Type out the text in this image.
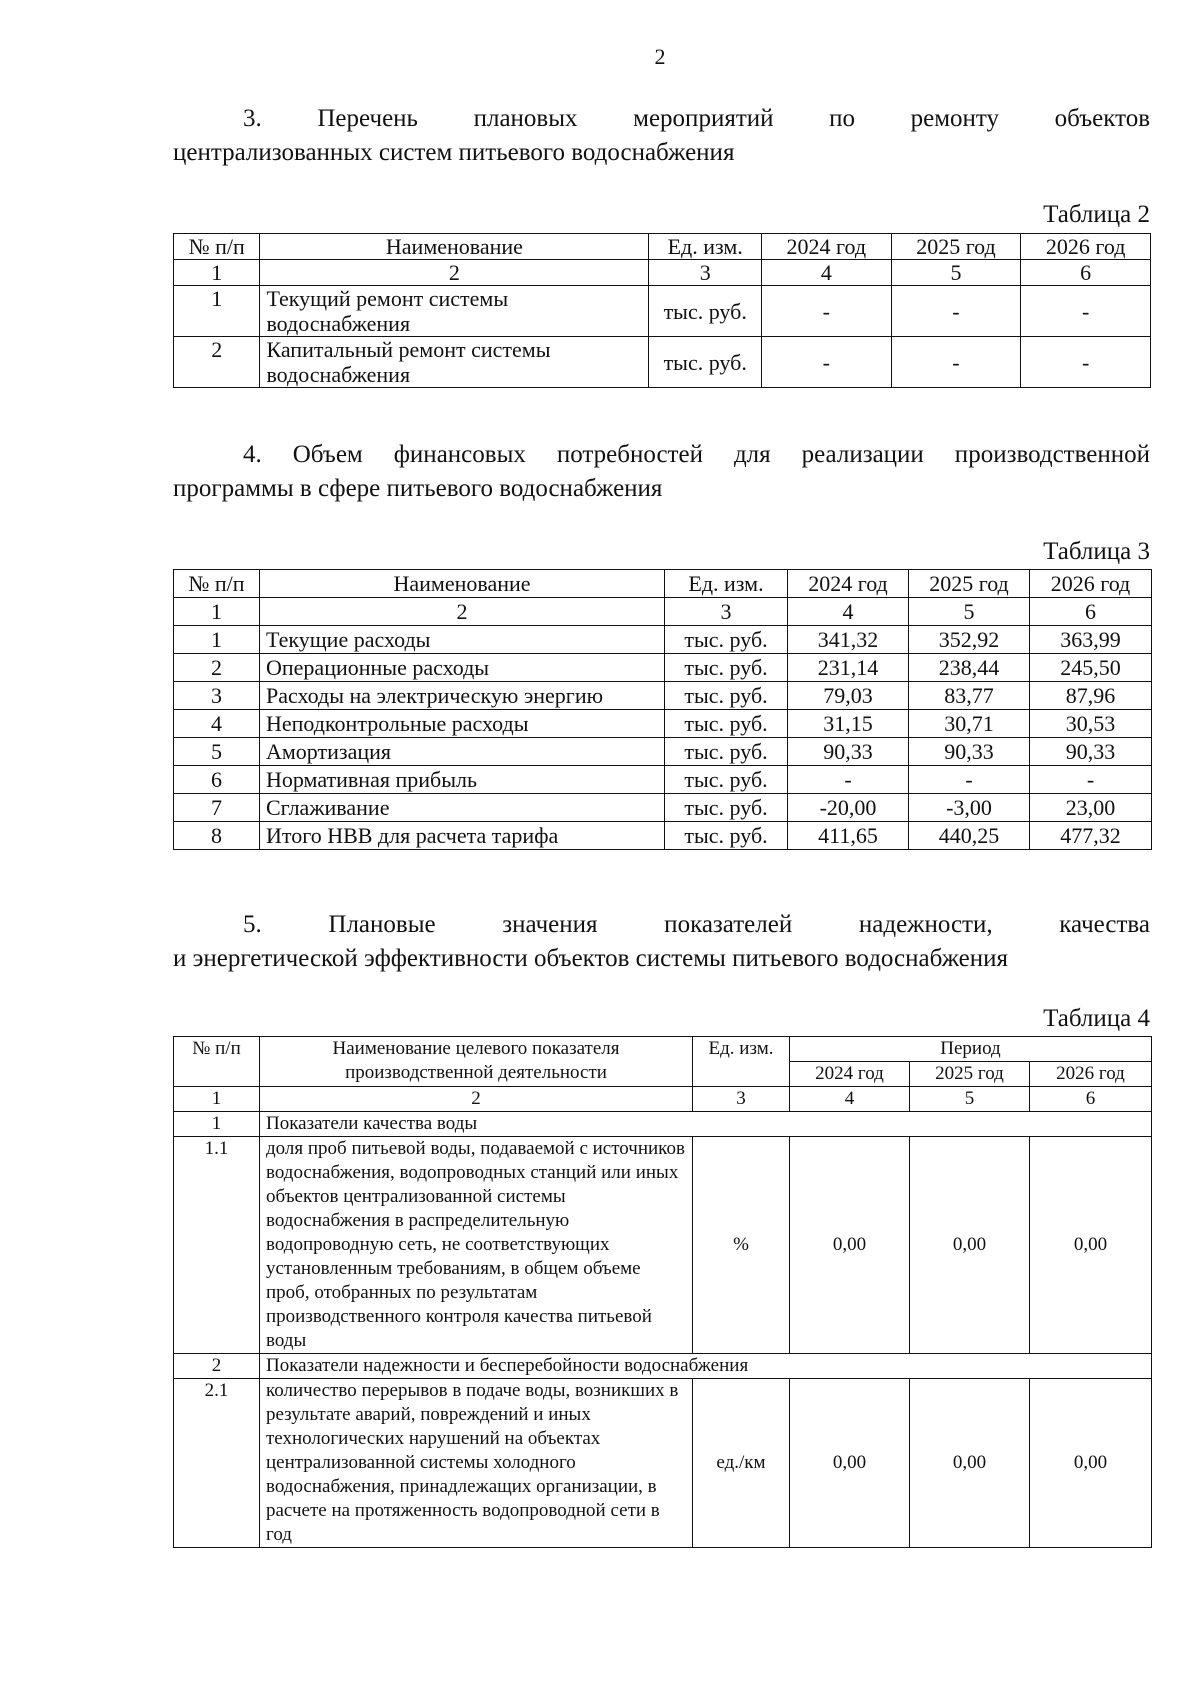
2
3. Перечень плановых мероприятий по ремонту объектов
централизованных систем питьевого водоснабжения
Таблица 2
№ п/п	Наименование	Ед. изм.	2024 год	2025 год	2026 год
1	2	3	4	5	6
1	Текущий ремонт системы водоснабжения	тыс. руб.	-	-	-
2	Капитальный ремонт системы водоснабжения	тыс. руб.	-	-	-
4. Объем финансовых потребностей для реализации производственной
программы в сфере питьевого водоснабжения
Таблица 3
№ п/п	Наименование	Ед. изм.	2024 год	2025 год	2026 год
1	2	3	4	5	6
1	Текущие расходы	тыс. руб.	341,32	352,92	363,99
2	Операционные расходы	тыс. руб.	231,14	238,44	245,50
3	Расходы на электрическую энергию	тыс. руб.	79,03	83,77	87,96
4	Неподконтрольные расходы	тыс. руб.	31,15	30,71	30,53
5	Амортизация	тыс. руб.	90,33	90,33	90,33
6	Нормативная прибыль	тыс. руб.	-	-	-
7	Сглаживание	тыс. руб.	-20,00	-3,00	23,00
8	Итого НВВ для расчета тарифа	тыс. руб.	411,65	440,25	477,32
5. Плановые значения показателей надежности, качества
и энергетической эффективности объектов системы питьевого водоснабжения
Таблица 4
№ п/п	Наименование целевого показателя производственной деятельности	Ед. изм.	Период		
			2024 год	2025 год	2026 год
1	2	3	4	5	6
1	Показатели качества воды				
1.1	доля проб питьевой воды, подаваемой с источников водоснабжения, водопроводных станций или иных объектов централизованной системы водоснабжения в распределительную водопроводную сеть, не соответствующих установленным требованиям, в общем объеме проб, отобранных по результатам производственного контроля качества питьевой воды	%	0,00	0,00	0,00
2	Показатели надежности и бесперебойности водоснабжения				
2.1	количество перерывов в подаче воды, возникших в результате аварий, повреждений и иных технологических нарушений на объектах централизованной системы холодного водоснабжения, принадлежащих организации, в расчете на протяженность водопроводной сети в год	ед./км	0,00	0,00	0,00
